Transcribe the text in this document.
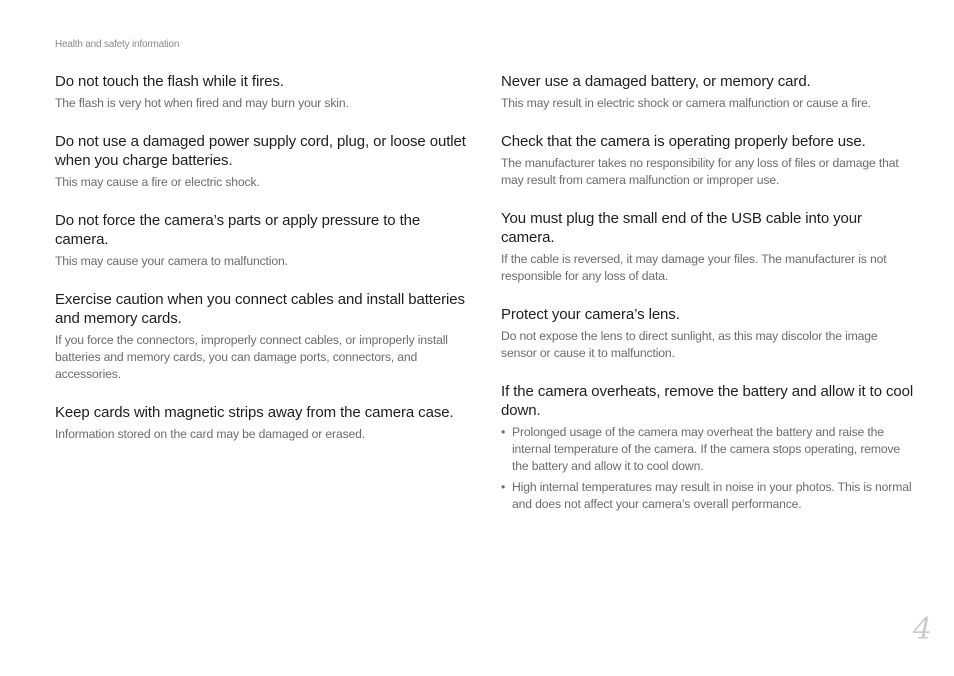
Health and safety information
Do not touch the flash while it fires.

The flash is very hot when fired and may burn your skin.

Do not use a damaged power supply cord, plug, or loose outlet when you charge batteries.

This may cause a fire or electric shock.

Do not force the camera’s parts or apply pressure to the camera.

This may cause your camera to malfunction.

Exercise caution when you connect cables and install batteries and memory cards.

If you force the connectors, improperly connect cables, or improperly install batteries and memory cards, you can damage ports, connectors, and accessories.

Keep cards with magnetic strips away from the camera case.

Information stored on the card may be damaged or erased.

Never use a damaged battery, or memory card.

This may result in electric shock or camera malfunction or cause a fire.

Check that the camera is operating properly before use.

The manufacturer takes no responsibility for any loss of files or damage that may result from camera malfunction or improper use.

You must plug the small end of the USB cable into your camera.

If the cable is reversed, it may damage your files. The manufacturer is not responsible for any loss of data.

Protect your camera’s lens.

Do not expose the lens to direct sunlight, as this may discolor the image sensor or cause it to malfunction.

If the camera overheats, remove the battery and allow it to cool down.
• Prolonged usage of the camera may overheat the battery and raise the internal temperature of the camera. If the camera stops operating, remove the battery and allow it to cool down.
• High internal temperatures may result in noise in your photos. This is normal and does not affect your camera’s overall performance.
4
